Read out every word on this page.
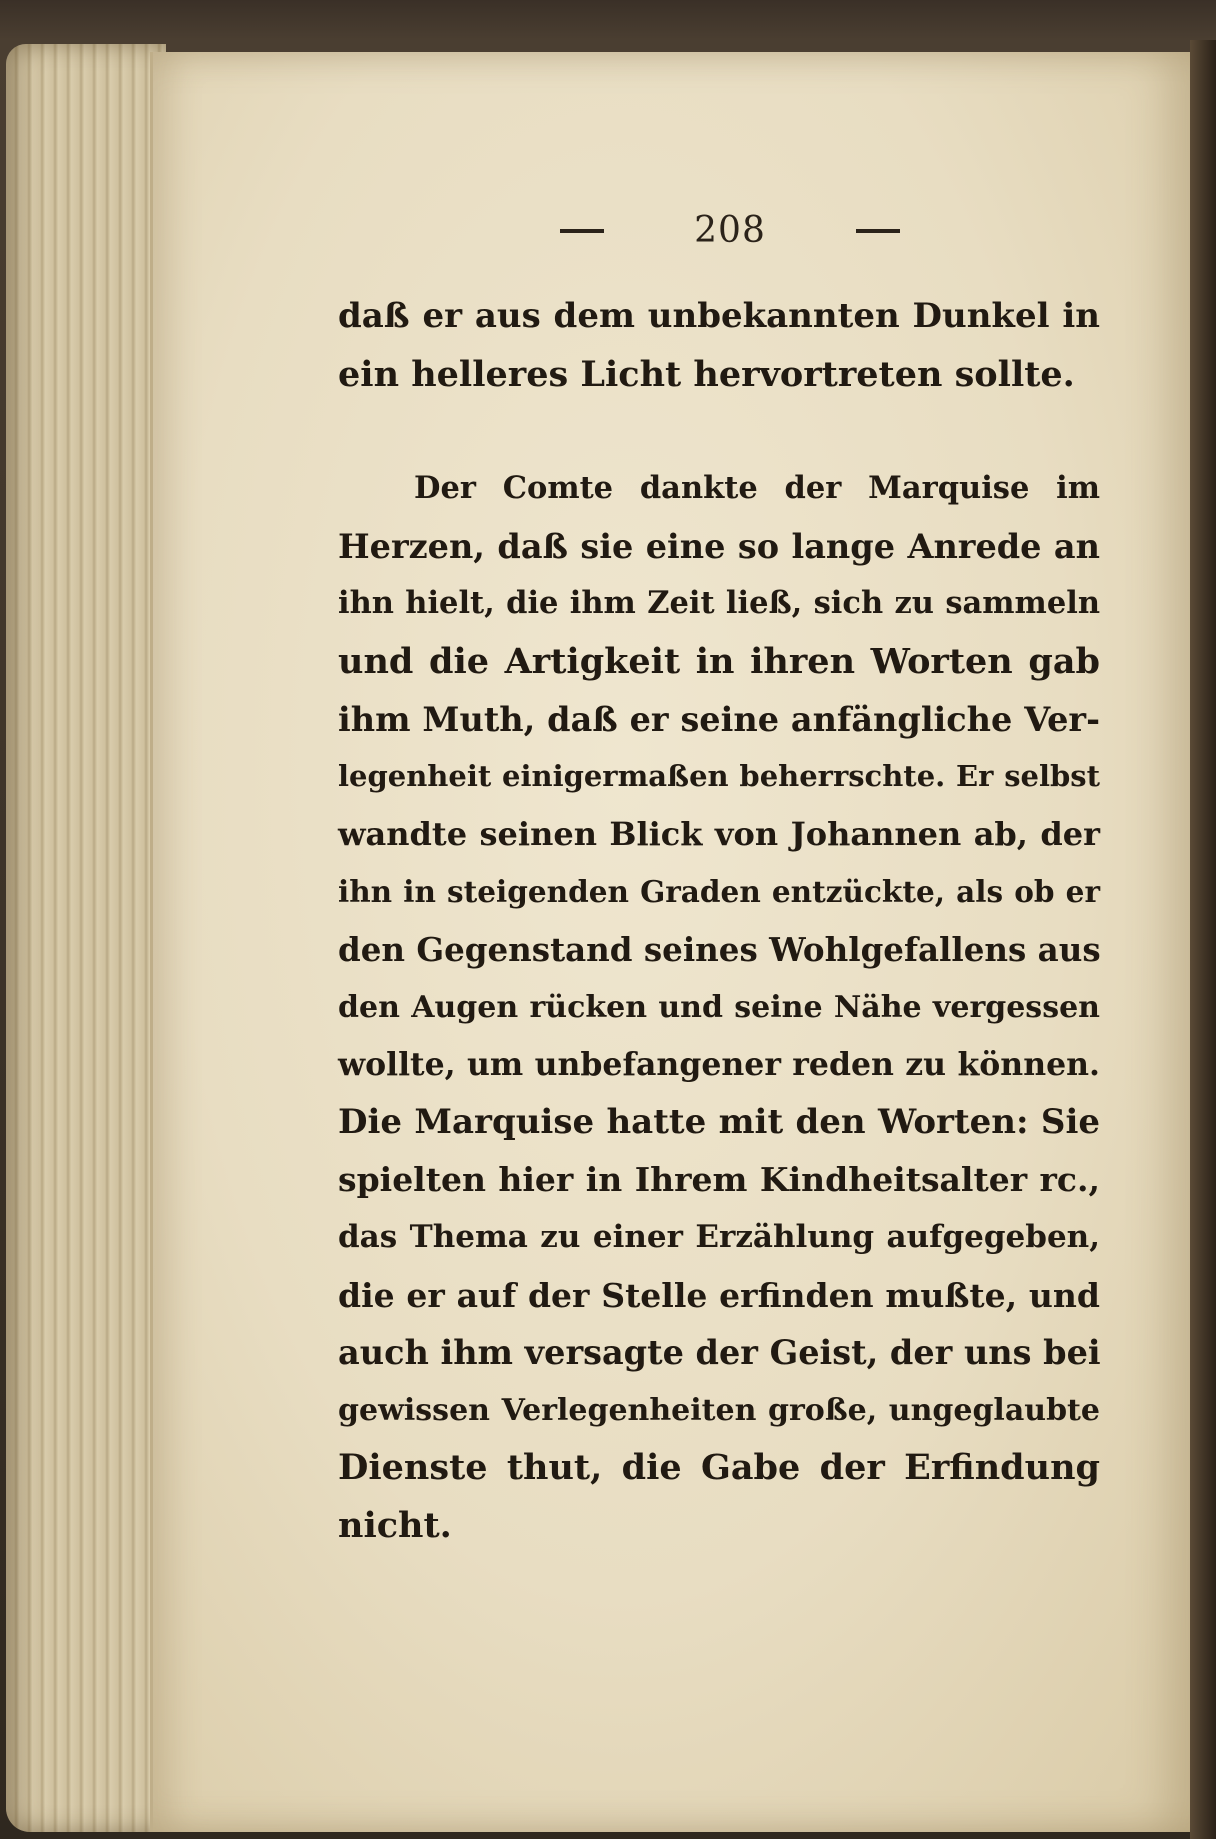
208
daß er aus dem unbekannten Dunkel in
ein helleres Licht hervortreten sollte.
Der Comte dankte der Marquise im
Herzen, daß sie eine so lange Anrede an
ihn hielt, die ihm Zeit ließ, sich zu sammeln
und die Artigkeit in ihren Worten gab
ihm Muth, daß er seine anfängliche Ver-
legenheit einigermaßen beherrschte. Er selbst
wandte seinen Blick von Johannen ab, der
ihn in steigenden Graden entzückte, als ob er
den Gegenstand seines Wohlgefallens aus
den Augen rücken und seine Nähe vergessen
wollte, um unbefangener reden zu können.
Die Marquise hatte mit den Worten: Sie
spielten hier in Ihrem Kindheitsalter rc.,
das Thema zu einer Erzählung aufgegeben,
die er auf der Stelle erfinden mußte, und
auch ihm versagte der Geist, der uns bei
gewissen Verlegenheiten große, ungeglaubte
Dienste thut, die Gabe der Erfindung
nicht.
